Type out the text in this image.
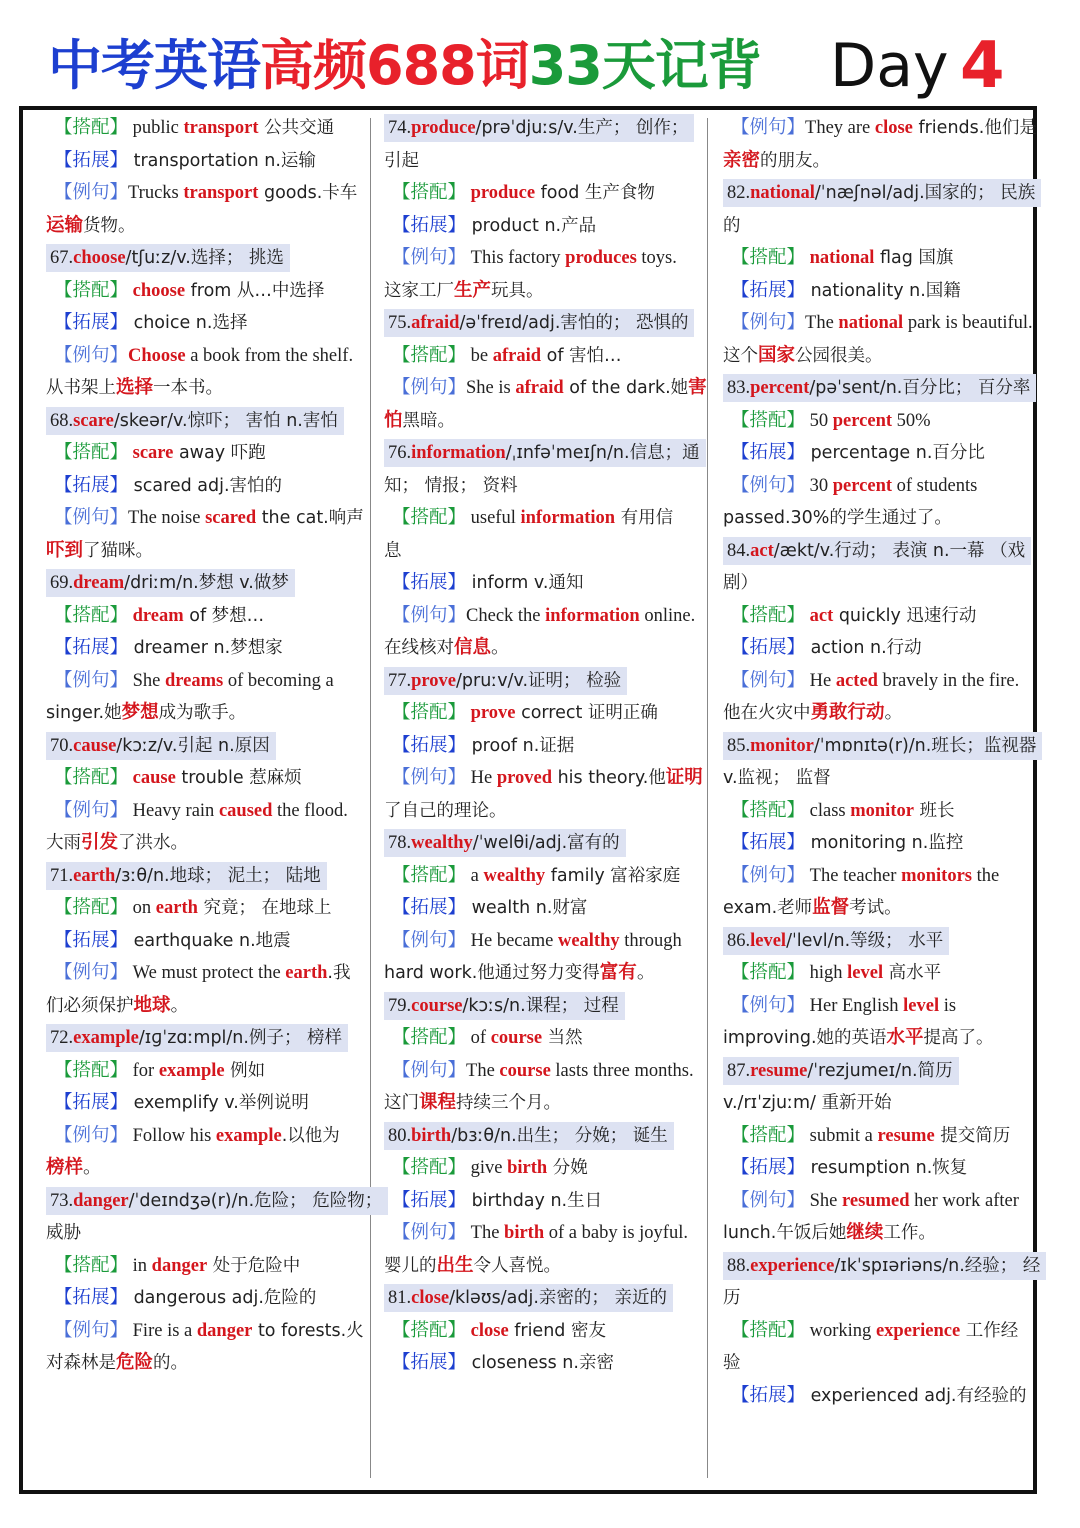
中考英语高频688词33天记背 Day 4
【搭配】 public transport 公共交通
【拓展】 transportation n.运输
【例句】Trucks transport goods.卡车
运输货物。
67.choose/tʃuːz/v.选择； 挑选
【搭配】 choose from 从…中选择
【拓展】 choice n.选择
【例句】Choose a book from the shelf.
从书架上选择一本书。
68.scare/skeər/v.惊吓； 害怕 n.害怕
【搭配】 scare away 吓跑
【拓展】 scared adj.害怕的
【例句】The noise scared the cat.响声
吓到了猫咪。
69.dream/driːm/n.梦想 v.做梦
【搭配】 dream of 梦想…
【拓展】 dreamer n.梦想家
【例句】 She dreams of becoming a
singer.她梦想成为歌手。
70.cause/kɔːz/v.引起 n.原因
【搭配】 cause trouble 惹麻烦
【例句】 Heavy rain caused the flood.
大雨引发了洪水。
71.earth/ɜːθ/n.地球； 泥土； 陆地
【搭配】 on earth 究竟； 在地球上
【拓展】 earthquake n.地震
【例句】 We must protect the earth.我
们必须保护地球。
72.example/ɪɡˈzɑːmpl/n.例子； 榜样
【搭配】 for example 例如
【拓展】 exemplify v.举例说明
【例句】 Follow his example.以他为
榜样。
73.danger/ˈdeɪndʒə(r)/n.危险； 危险物；
威胁
【搭配】 in danger 处于危险中
【拓展】 dangerous adj.危险的
【例句】 Fire is a danger to forests.火
对森林是危险的。
74.produce/prəˈdjuːs/v.生产； 创作；
引起
【搭配】 produce food 生产食物
【拓展】 product n.产品
【例句】 This factory produces toys.
这家工厂生产玩具。
75.afraid/əˈfreɪd/adj.害怕的； 恐惧的
【搭配】 be afraid of 害怕…
【例句】She is afraid of the dark.她害
怕黑暗。
76.information/ˌɪnfəˈmeɪʃn/n.信息；通
知； 情报； 资料
【搭配】 useful information 有用信
息
【拓展】 inform v.通知
【例句】Check the information online.
在线核对信息。
77.prove/pruːv/v.证明； 检验
【搭配】 prove correct 证明正确
【拓展】 proof n.证据
【例句】 He proved his theory.他证明
了自己的理论。
78.wealthy/ˈwelθi/adj.富有的
【搭配】 a wealthy family 富裕家庭
【拓展】 wealth n.财富
【例句】 He became wealthy through
hard work.他通过努力变得富有。
79.course/kɔːs/n.课程； 过程
【搭配】 of course 当然
【例句】The course lasts three months.
这门课程持续三个月。
80.birth/bɜːθ/n.出生； 分娩； 诞生
【搭配】 give birth 分娩
【拓展】 birthday n.生日
【例句】 The birth of a baby is joyful.
婴儿的出生令人喜悦。
81.close/kləʊs/adj.亲密的； 亲近的
【搭配】 close friend 密友
【拓展】 closeness n.亲密
【例句】They are close friends.他们是
亲密的朋友。
82.national/ˈnæʃnəl/adj.国家的； 民族
的
【搭配】 national flag 国旗
【拓展】 nationality n.国籍
【例句】The national park is beautiful.
这个国家公园很美。
83.percent/pəˈsent/n.百分比； 百分率
【搭配】 50 percent 50%
【拓展】 percentage n.百分比
【例句】 30 percent of students
passed.30%的学生通过了。
84.act/ækt/v.行动； 表演 n.一幕 （戏
剧）
【搭配】 act quickly 迅速行动
【拓展】 action n.行动
【例句】 He acted bravely in the fire.
他在火灾中勇敢行动。
85.monitor/ˈmɒnɪtə(r)/n.班长；监视器
v.监视； 监督
【搭配】 class monitor 班长
【拓展】 monitoring n.监控
【例句】 The teacher monitors the
exam.老师监督考试。
86.level/ˈlevl/n.等级； 水平
【搭配】 high level 高水平
【例句】 Her English level is
improving.她的英语水平提高了。
87.resume/ˈrezjumeɪ/n.简历
v./rɪˈzjuːm/ 重新开始
【搭配】 submit a resume 提交简历
【拓展】 resumption n.恢复
【例句】 She resumed her work after
lunch.午饭后她继续工作。
88.experience/ɪkˈspɪəriəns/n.经验； 经
历
【搭配】 working experience 工作经
验
【拓展】 experienced adj.有经验的
